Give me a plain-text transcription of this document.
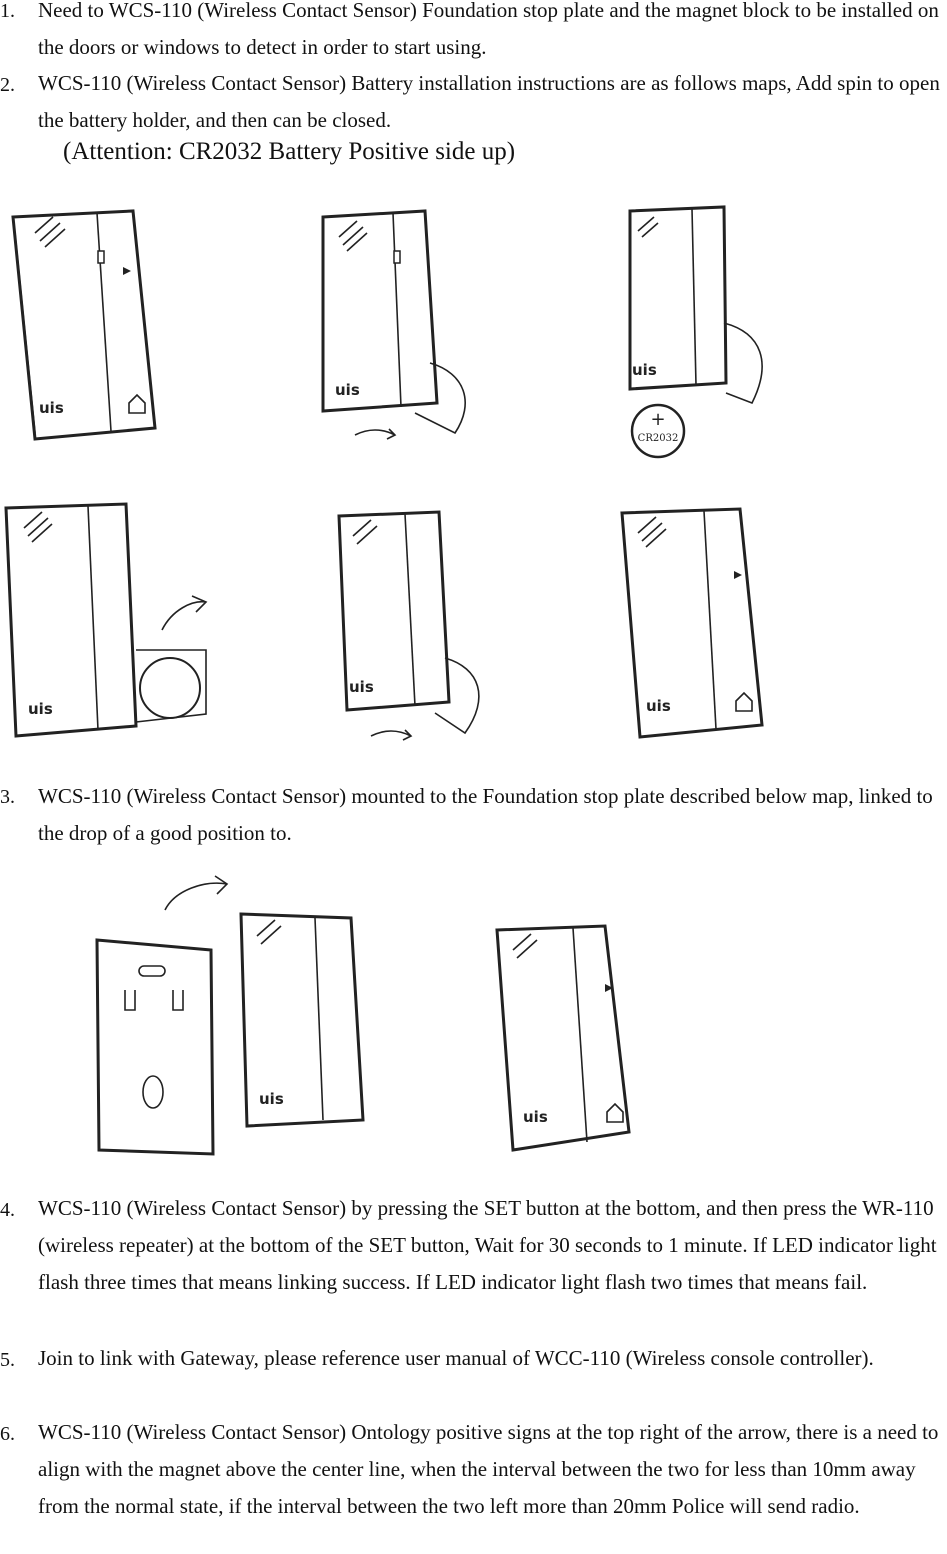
1. Need to WCS-110 (Wireless Contact Sensor) Foundation stop plate and the magnet block to be installed on the doors or windows to detect in order to start using.

2. WCS-110 (Wireless Contact Sensor) Battery installation instructions are as follows maps, Add spin to open the battery holder, and then can be closed.

(Attention: CR2032 Battery Positive side up)

uis
uis
uis
+
CR2032
uis
uis
uis
3. WCS-110 (Wireless Contact Sensor) mounted to the Foundation stop plate described below map, linked to the drop of a good position to.

uis
uis
4. WCS-110 (Wireless Contact Sensor) by pressing the SET button at the bottom, and then press the WR-110 (wireless repeater) at the bottom of the SET button, Wait for 30 seconds to 1 minute. If LED indicator light flash three times that means linking success. If LED indicator light flash two times that means fail.

5. Join to link with Gateway, please reference user manual of WCC-110 (Wireless console controller).

6. WCS-110 (Wireless Contact Sensor) Ontology positive signs at the top right of the arrow, there is a need to align with the magnet above the center line, when the interval between the two for less than 10mm away from the normal state, if the interval between the two left more than 20mm Police will send radio.
